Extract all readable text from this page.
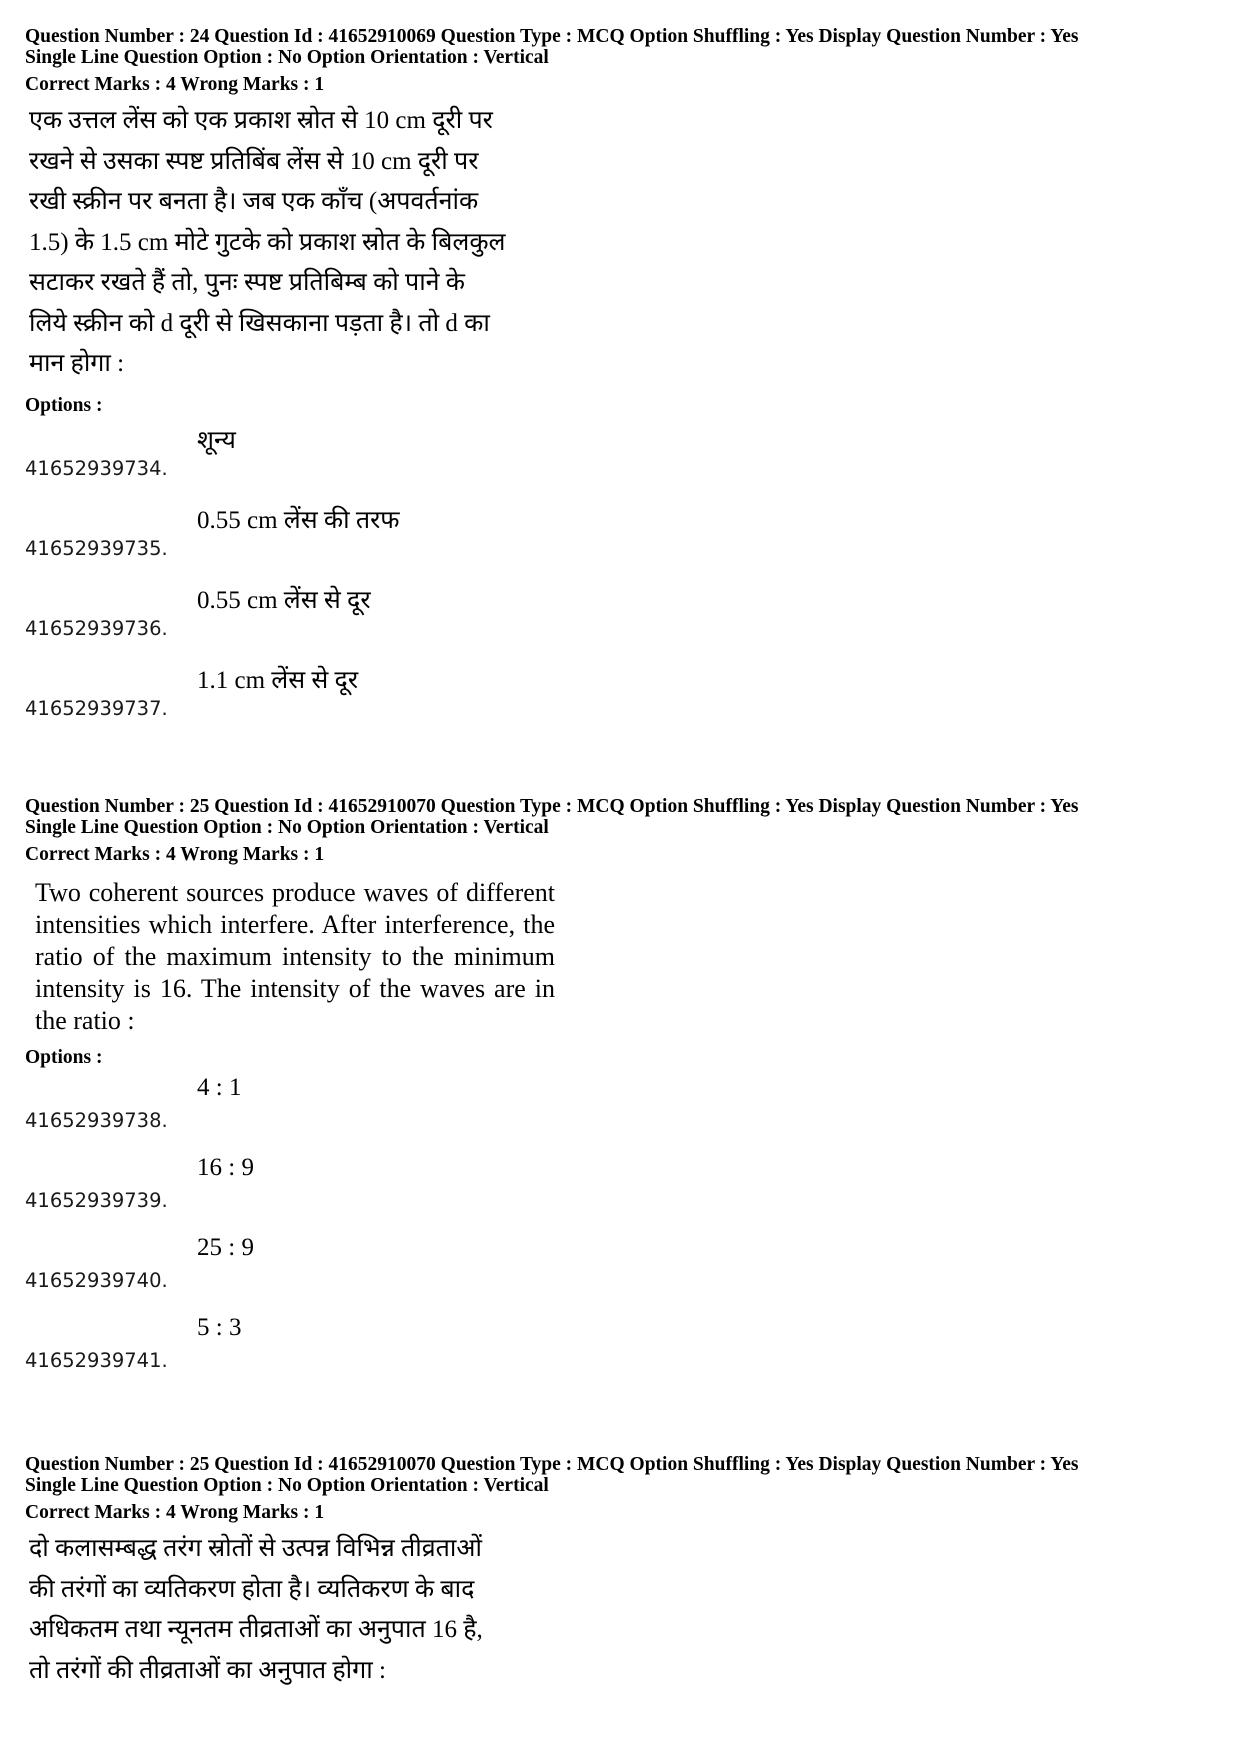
Question Number : 24 Question Id : 41652910069 Question Type : MCQ Option Shuffling : Yes Display Question Number : Yes

Single Line Question Option : No Option Orientation : Vertical

Correct Marks : 4 Wrong Marks : 1

एक उत्तल लेंस को एक प्रकाश स्रोत से 10 cm दूरी पर
रखने से उसका स्पष्ट प्रतिबिंब लेंस से 10 cm दूरी पर
रखी स्क्रीन पर बनता है। जब एक काँच (अपवर्तनांक
1.5) के 1.5 cm मोटे गुटके को प्रकाश स्रोत के बिलकुल
सटाकर रखते हैं तो, पुनः स्पष्ट प्रतिबिम्ब को पाने के
लिये स्क्रीन को d दूरी से खिसकाना पड़ता है। तो d का
मान होगा :
Options :
41652939734.
शून्य
41652939735.
0.55 cm लेंस की तरफ
41652939736.
0.55 cm लेंस से दूर
41652939737.
1.1 cm लेंस से दूर

Question Number : 25 Question Id : 41652910070 Question Type : MCQ Option Shuffling : Yes Display Question Number : Yes

Single Line Question Option : No Option Orientation : Vertical

Correct Marks : 4 Wrong Marks : 1

Two coherent sources produce waves of different intensities which interfere. After interference, the ratio of the maximum intensity to the minimum intensity is 16. The intensity of the waves are in the ratio :
Options :
41652939738.
4 : 1
41652939739.
16 : 9
41652939740.
25 : 9
41652939741.
5 : 3

Question Number : 25 Question Id : 41652910070 Question Type : MCQ Option Shuffling : Yes Display Question Number : Yes

Single Line Question Option : No Option Orientation : Vertical

Correct Marks : 4 Wrong Marks : 1

दो कलासम्बद्ध तरंग स्रोतों से उत्पन्न विभिन्न तीव्रताओं
की तरंगों का व्यतिकरण होता है। व्यतिकरण के बाद
अधिकतम तथा न्यूनतम तीव्रताओं का अनुपात 16 है,
तो तरंगों की तीव्रताओं का अनुपात होगा :
